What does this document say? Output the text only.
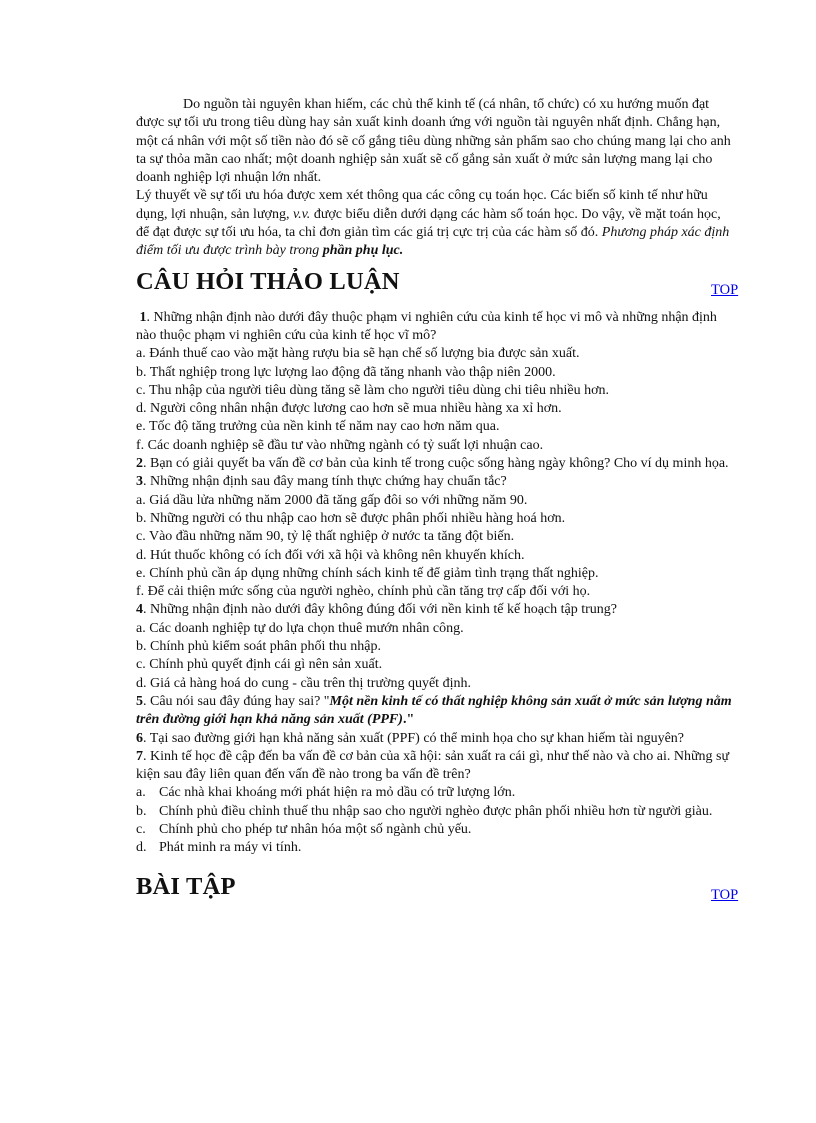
Do nguồn tài nguyên khan hiếm, các chủ thể kinh tế (cá nhân, tổ chức) có xu hướng muốn đạt được sự tối ưu trong tiêu dùng hay sản xuất kinh doanh ứng với nguồn tài nguyên nhất định. Chẳng hạn, một cá nhân với một số tiền nào đó sẽ cố gắng tiêu dùng những sản phẩm sao cho chúng mang lại cho anh ta sự thỏa mãn cao nhất; một doanh nghiệp sản xuất sẽ cố gắng sản xuất ở mức sản lượng mang lại cho doanh nghiệp lợi nhuận lớn nhất.

Lý thuyết về sự tối ưu hóa được xem xét thông qua các công cụ toán học. Các biến số kinh tế như hữu dụng, lợi nhuận, sản lượng, v.v. được biểu diễn dưới dạng các hàm số toán học. Do vậy, về mặt toán học, để đạt được sự tối ưu hóa, ta chỉ đơn giản tìm các giá trị cực trị của các hàm số đó. Phương pháp xác định điểm tối ưu được trình bày trong phần phụ lục.

CÂU HỎI THẢO LUẬN	TOP

1. Những nhận định nào dưới đây thuộc phạm vi nghiên cứu của kinh tế học vi mô và những nhận định nào thuộc phạm vi nghiên cứu của kinh tế học vĩ mô?

a. Đánh thuế cao vào mặt hàng rượu bia sẽ hạn chế số lượng bia được sản xuất.

b. Thất nghiệp trong lực lượng lao động đã tăng nhanh vào thập niên 2000.

c. Thu nhập của người tiêu dùng tăng sẽ làm cho người tiêu dùng chi tiêu nhiều hơn.

d. Người công nhân nhận được lương cao hơn sẽ mua nhiều hàng xa xỉ hơn.

e. Tốc độ tăng trưởng của nền kinh tế năm nay cao hơn năm qua.

f. Các doanh nghiệp sẽ đầu tư vào những ngành có tỷ suất lợi nhuận cao.

2. Bạn có giải quyết ba vấn đề cơ bản của kinh tế trong cuộc sống hàng ngày không? Cho ví dụ minh họa.

3. Những nhận định sau đây mang tính thực chứng hay chuẩn tắc?

a. Giá dầu lửa những năm 2000 đã tăng gấp đôi so với những năm 90.

b. Những người có thu nhập cao hơn sẽ được phân phối nhiều hàng hoá hơn.

c. Vào đầu những năm 90, tỷ lệ thất nghiệp ở nước ta tăng đột biến.

d. Hút thuốc không có ích đối với xã hội và không nên khuyến khích.

e. Chính phủ cần áp dụng những chính sách kinh tế để giảm tình trạng thất nghiệp.

f. Để cải thiện mức sống của người nghèo, chính phủ cần tăng trợ cấp đối với họ.

4. Những nhận định nào dưới đây không đúng đối với nền kinh tế kế hoạch tập trung?

a. Các doanh nghiệp tự do lựa chọn thuê mướn nhân công.

b. Chính phủ kiểm soát phân phối thu nhập.

c. Chính phủ quyết định cái gì nên sản xuất.

d. Giá cả hàng hoá do cung - cầu trên thị trường quyết định.

5. Câu nói sau đây đúng hay sai? "Một nền kinh tế có thất nghiệp không sản xuất ở mức sản lượng nằm trên đường giới hạn khả năng sản xuất (PPF)."

6. Tại sao đường giới hạn khả năng sản xuất (PPF) có thể minh họa cho sự khan hiếm tài nguyên?

7. Kinh tế học đề cập đến ba vấn đề cơ bản của xã hội: sản xuất ra cái gì, như thế nào và cho ai. Những sự kiện sau đây liên quan đến vấn đề nào trong ba vấn đề trên?

a. Các nhà khai khoáng mới phát hiện ra mỏ dầu có trữ lượng lớn.

b. Chính phủ điều chỉnh thuế thu nhập sao cho người nghèo được phân phối nhiều hơn từ người giàu.

c. Chính phủ cho phép tư nhân hóa một số ngành chủ yếu.

d. Phát minh ra máy vi tính.

BÀI TẬP	TOP
